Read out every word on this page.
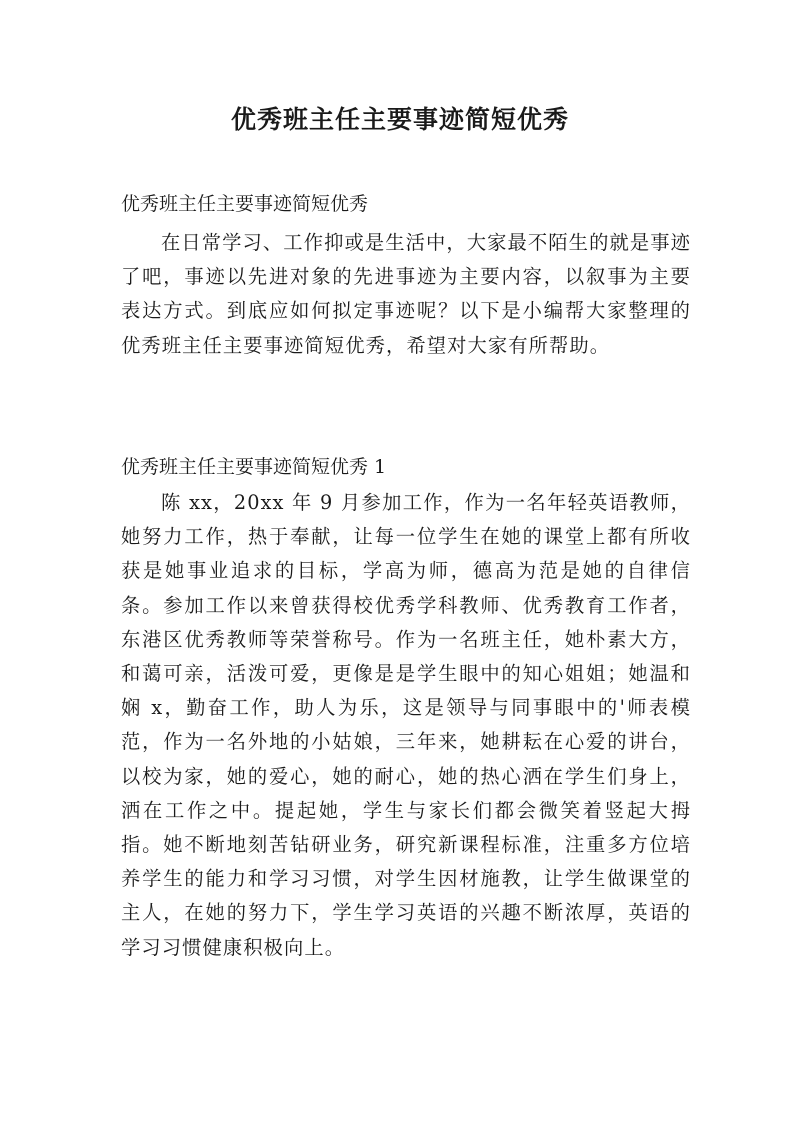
优秀班主任主要事迹简短优秀
优秀班主任主要事迹简短优秀

在日常学习、工作抑或是生活中，大家最不陌生的就是事迹了吧，事迹以先进对象的先进事迹为主要内容，以叙事为主要表达方式。到底应如何拟定事迹呢？以下是小编帮大家整理的优秀班主任主要事迹简短优秀，希望对大家有所帮助。

优秀班主任主要事迹简短优秀 1

陈 xx，20xx 年 9 月参加工作，作为一名年轻英语教师，她努力工作，热于奉献，让每一位学生在她的课堂上都有所收获是她事业追求的目标，学高为师，德高为范是她的自律信条。参加工作以来曾获得校优秀学科教师、优秀教育工作者，东港区优秀教师等荣誉称号。作为一名班主任，她朴素大方，和蔼可亲，活泼可爱，更像是是学生眼中的知心姐姐；她温和娴 x，勤奋工作，助人为乐，这是领导与同事眼中的'师表模范，作为一名外地的小姑娘，三年来，她耕耘在心爱的讲台，以校为家，她的爱心，她的耐心，她的热心洒在学生们身上，洒在工作之中。提起她，学生与家长们都会微笑着竖起大拇指。她不断地刻苦钻研业务，研究新课程标准，注重多方位培养学生的能力和学习习惯，对学生因材施教，让学生做课堂的主人，在她的努力下，学生学习英语的兴趣不断浓厚，英语的学习习惯健康积极向上。
